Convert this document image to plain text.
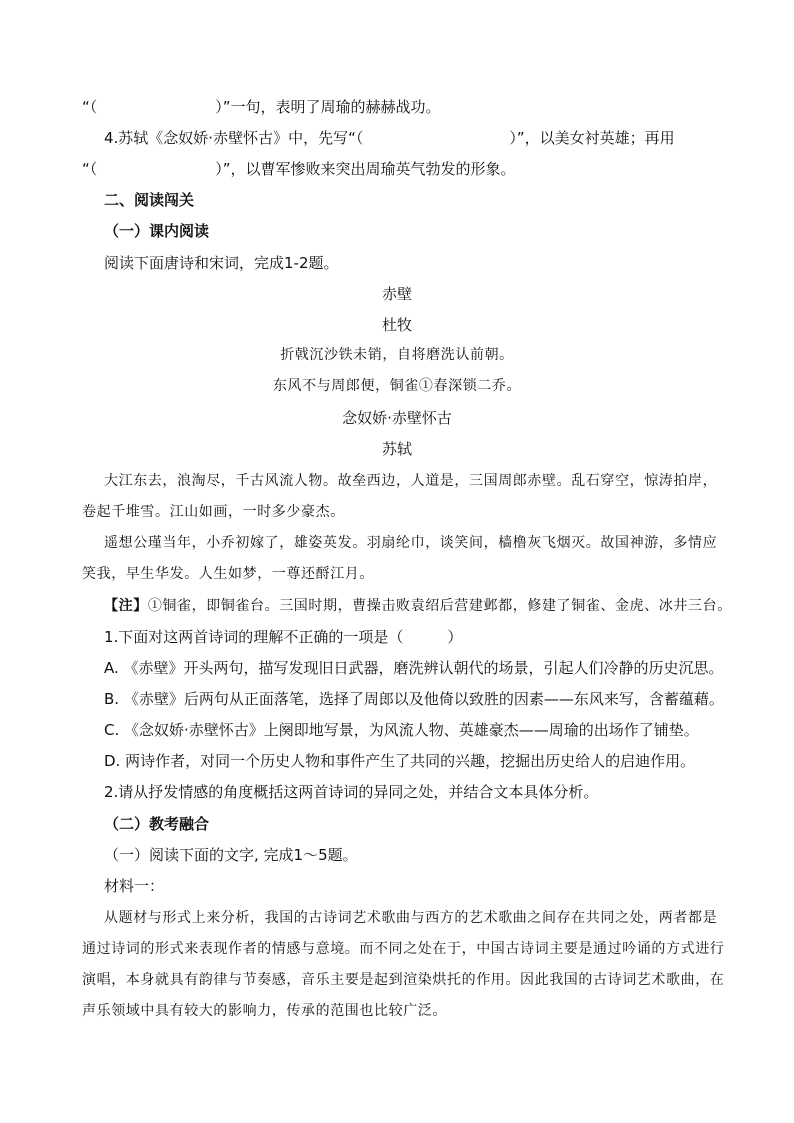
“（	）”一句，表明了周瑜的赫赫战功。
4.苏轼《念奴娇·赤壁怀古》中，先写“（	）”，以美女衬英雄；再用
“（	）”，以曹军惨败来突出周瑜英气勃发的形象。
二、阅读闯关
（一）课内阅读
阅读下面唐诗和宋词，完成1-2题。
赤壁
杜牧
折戟沉沙铁未销，自将磨洗认前朝。
东风不与周郎便，铜雀①春深锁二乔。
念奴娇·赤壁怀古
苏轼
大江东去，浪淘尽，千古风流人物。故垒西边，人道是，三国周郎赤壁。乱石穿空，惊涛拍岸，
卷起千堆雪。江山如画，一时多少豪杰。
遥想公瑾当年，小乔初嫁了，雄姿英发。羽扇纶巾，谈笑间，樯橹灰飞烟灭。故国神游，多情应
笑我，早生华发。人生如梦，一尊还酹江月。
【注】①铜雀，即铜雀台。三国时期，曹操击败袁绍后营建邺都，修建了铜雀、金虎、冰井三台。
1.下面对这两首诗词的理解不正确的一项是（	）
A. 《赤壁》开头两句，描写发现旧日武器，磨洗辨认朝代的场景，引起人们冷静的历史沉思。
B. 《赤壁》后两句从正面落笔，选择了周郎以及他倚以致胜的因素——东风来写，含蓄蕴藉。
C. 《念奴娇·赤壁怀古》上阕即地写景，为风流人物、英雄豪杰——周瑜的出场作了铺垫。
D. 两诗作者，对同一个历史人物和事件产生了共同的兴趣，挖掘出历史给人的启迪作用。
2.请从抒发情感的角度概括这两首诗词的异同之处，并结合文本具体分析。
（二）教考融合
（一）阅读下面的文字, 完成1～5题。
材料一：
从题材与形式上来分析，我国的古诗词艺术歌曲与西方的艺术歌曲之间存在共同之处，两者都是
通过诗词的形式来表现作者的情感与意境。而不同之处在于，中国古诗词主要是通过吟诵的方式进行
演唱，本身就具有韵律与节奏感，音乐主要是起到渲染烘托的作用。因此我国的古诗词艺术歌曲，在
声乐领域中具有较大的影响力，传承的范围也比较广泛。
